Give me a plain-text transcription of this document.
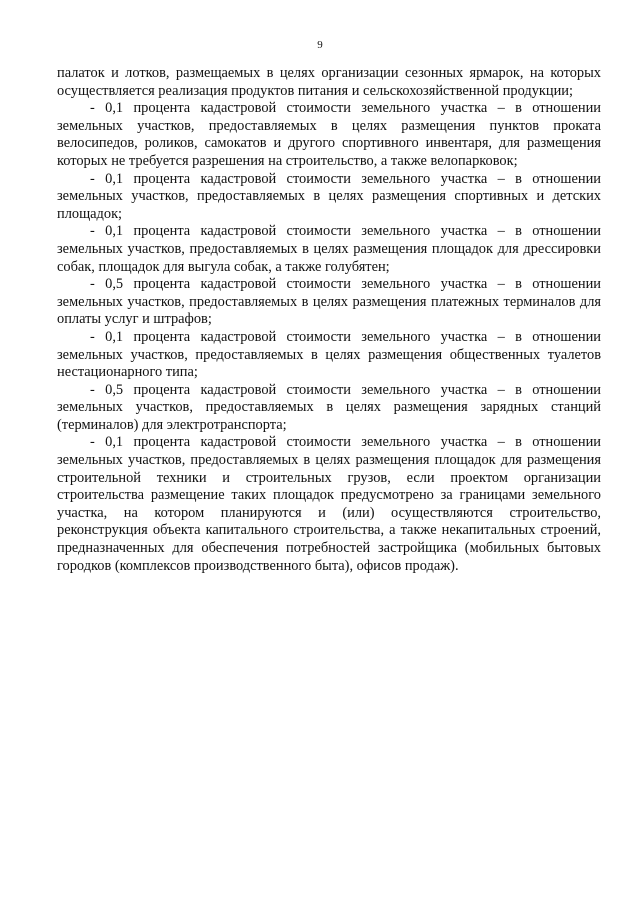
9

палаток и лотков, размещаемых в целях организации сезонных ярмарок, на которых осуществляется реализация продуктов питания и сельскохозяйственной продукции;

- 0,1 процента кадастровой стоимости земельного участка – в отношении земельных участков, предоставляемых в целях размещения пунктов проката велосипедов, роликов, самокатов и другого спортивного инвентаря, для размещения которых не требуется разрешения на строительство, а также велопарковок;

- 0,1 процента кадастровой стоимости земельного участка – в отношении земельных участков, предоставляемых в целях размещения спортивных и детских площадок;

- 0,1 процента кадастровой стоимости земельного участка – в отношении земельных участков, предоставляемых в целях размещения площадок для дрессировки собак, площадок для выгула собак, а также голубятен;

- 0,5 процента кадастровой стоимости земельного участка – в отношении земельных участков, предоставляемых в целях размещения платежных терминалов для оплаты услуг и штрафов;

- 0,1 процента кадастровой стоимости земельного участка – в отношении земельных участков, предоставляемых в целях размещения общественных туалетов нестационарного типа;

- 0,5 процента кадастровой стоимости земельного участка – в отношении земельных участков, предоставляемых в целях размещения зарядных станций (терминалов) для электротранспорта;

- 0,1 процента кадастровой стоимости земельного участка – в отношении земельных участков, предоставляемых в целях размещения площадок для размещения строительной техники и строительных грузов, если проектом организации строительства размещение таких площадок предусмотрено за границами земельного участка, на котором планируются и (или) осуществляются строительство, реконструкция объекта капитального строительства, а также некапитальных строений, предназначенных для обеспечения потребностей застройщика (мобильных бытовых городков (комплексов производственного быта), офисов продаж).
